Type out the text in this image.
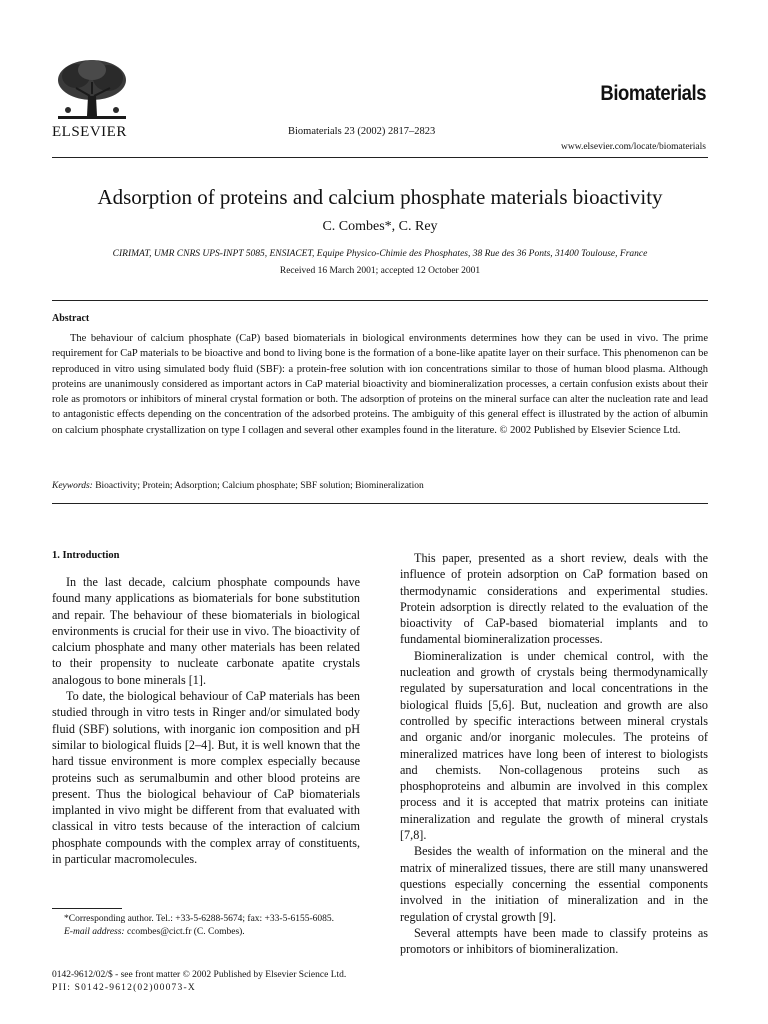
ELSEVIER	Biomaterials 23 (2002) 2817–2823
Biomaterials
www.elsevier.com/locate/biomaterials
Adsorption of proteins and calcium phosphate materials bioactivity
C. Combes*, C. Rey
CIRIMAT, UMR CNRS UPS-INPT 5085, ENSIACET, Equipe Physico-Chimie des Phosphates, 38 Rue des 36 Ponts, 31400 Toulouse, France
Received 16 March 2001; accepted 12 October 2001
Abstract
The behaviour of calcium phosphate (CaP) based biomaterials in biological environments determines how they can be used in vivo. The prime requirement for CaP materials to be bioactive and bond to living bone is the formation of a bone-like apatite layer on their surface. This phenomenon can be reproduced in vitro using simulated body fluid (SBF): a protein-free solution with ion concentrations similar to those of human blood plasma. Although proteins are unanimously considered as important actors in CaP material bioactivity and biomineralization processes, a certain confusion exists about their role as promotors or inhibitors of mineral crystal formation or both. The adsorption of proteins on the mineral surface can alter the nucleation rate and lead to antagonistic effects depending on the concentration of the adsorbed proteins. The ambiguity of this general effect is illustrated by the action of albumin on calcium phosphate crystallization on type I collagen and several other examples found in the literature. © 2002 Published by Elsevier Science Ltd.
Keywords: Bioactivity; Protein; Adsorption; Calcium phosphate; SBF solution; Biomineralization
1. Introduction

In the last decade, calcium phosphate compounds have found many applications as biomaterials for bone substitution and repair. The behaviour of these biomaterials in biological environments is crucial for their use in vivo. The bioactivity of calcium phosphate and many other materials has been related to their propensity to nucleate carbonate apatite crystals analogous to bone minerals [1].

To date, the biological behaviour of CaP materials has been studied through in vitro tests in Ringer and/or simulated body fluid (SBF) solutions, with inorganic ion composition and pH similar to biological fluids [2–4]. But, it is well known that the hard tissue environment is more complex especially because proteins such as serumalbumin and other blood proteins are present. Thus the biological behaviour of CaP biomaterials implanted in vivo might be different from that evaluated with classical in vitro tests because of the interaction of calcium phosphate compounds with the complex array of constituents, in particular macromolecules.

This paper, presented as a short review, deals with the influence of protein adsorption on CaP formation based on thermodynamic considerations and experimental studies. Protein adsorption is directly related to the evaluation of the bioactivity of CaP-based biomaterial implants and to fundamental biomineralization processes.

Biomineralization is under chemical control, with the nucleation and growth of crystals being thermodynamically regulated by supersaturation and local concentrations in the biological fluids [5,6]. But, nucleation and growth are also controlled by specific interactions between mineral crystals and organic and/or inorganic molecules. The proteins of mineralized matrices have long been of interest to biologists and chemists. Non-collagenous proteins such as phosphoproteins and albumin are involved in this complex process and it is accepted that matrix proteins can initiate mineralization and regulate the growth of mineral crystals [7,8].

Besides the wealth of information on the mineral and the matrix of mineralized tissues, there are still many unanswered questions especially concerning the essential components involved in the initiation of mineralization and in the regulation of crystal growth [9].

Several attempts have been made to classify proteins as promotors or inhibitors of biomineralization.

*Corresponding author. Tel.: +33-5-6288-5674; fax: +33-5-6155-6085.

E-mail address: ccombes@cict.fr (C. Combes).

0142-9612/02/$ - see front matter © 2002 Published by Elsevier Science Ltd.
PII: S0142-9612(02)00073-X
